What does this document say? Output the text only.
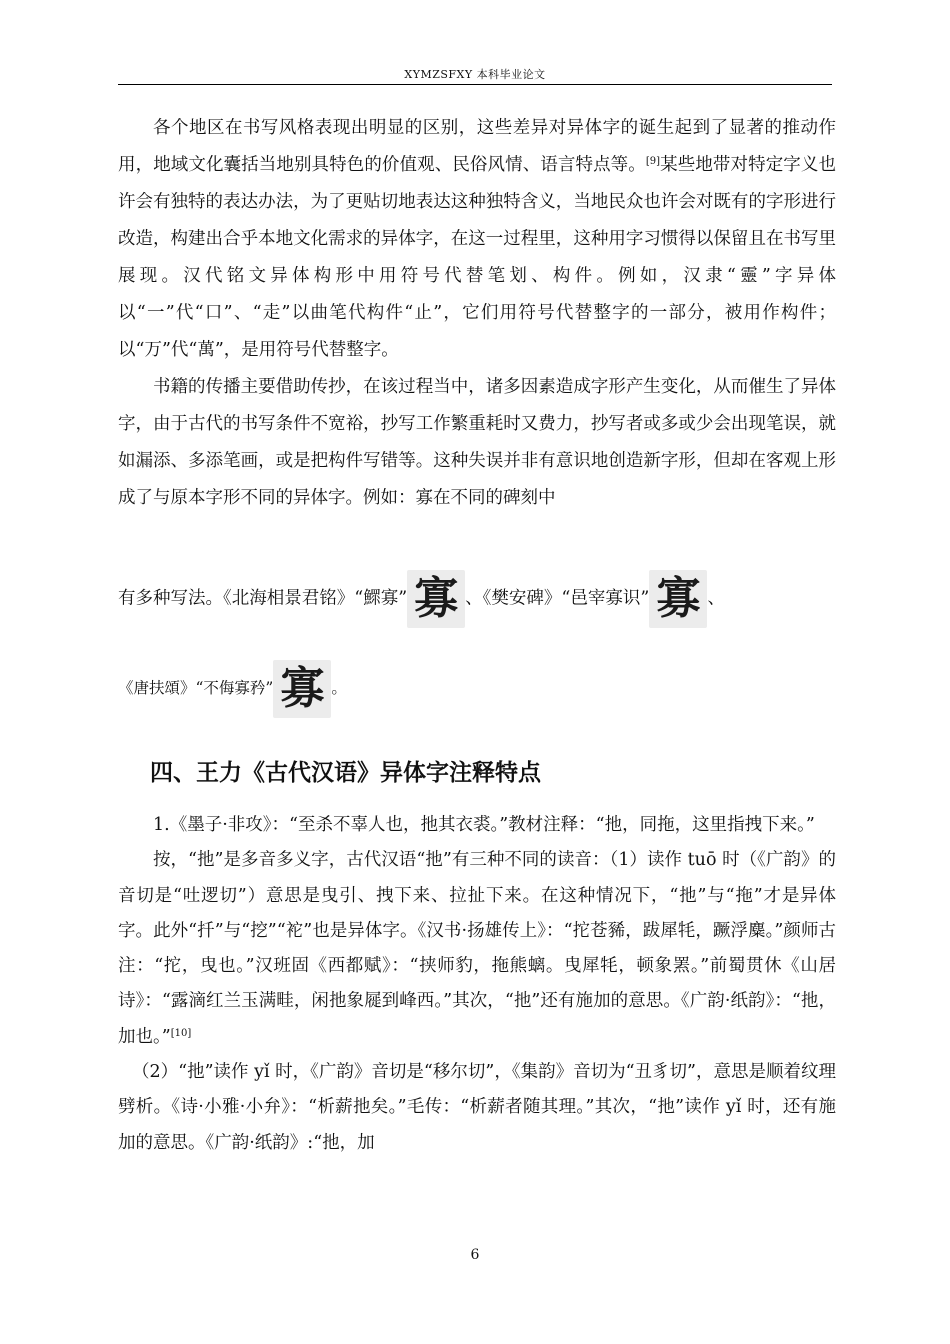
XYMZSFXY 本科毕业论文

各个地区在书写风格表现出明显的区别，这些差异对异体字的诞生起到了显著的推动作用，地域文化囊括当地别具特色的价值观、民俗风情、语言特点等。[9]某些地带对特定字义也许会有独特的表达办法，为了更贴切地表达这种独特含义，当地民众也许会对既有的字形进行改造，构建出合乎本地文化需求的异体字，在这一过程里，这种用字习惯得以保留且在书写里展现。汉代铭文异体构形中用符号代替笔划、构件。例如，汉隶“靈”字异体以“一”代“口”、“走”以曲笔代构件“止”，它们用符号代替整字的一部分，被用作构件；以“万”代“萬”，是用符号代替整字。

书籍的传播主要借助传抄，在该过程当中，诸多因素造成字形产生变化，从而催生了异体字，由于古代的书写条件不宽裕，抄写工作繁重耗时又费力，抄写者或多或少会出现笔误，就如漏添、多添笔画，或是把构件写错等。这种失误并非有意识地创造新字形，但却在客观上形成了与原本字形不同的异体字。例如：寡在不同的碑刻中

有多种写法。《北海相景君铭》“鰥寡” 寡 、《樊安碑》“邑宰寡识” 寡 、
《唐扶頌》“不侮寡矜” 寡 。
四、王力《古代汉语》异体字注释特点

1.《墨子·非攻》：“至杀不辜人也，扡其衣裘。”教材注释：“扡，同拖，这里指拽下来。”

按，“扡”是多音多义字，古代汉语“扡”有三种不同的读音：（1）读作 tuō 时（《广韵》的音切是“吐逻切”）意思是曳引、拽下来、拉扯下来。在这种情况下，“扡”与“拖”才是异体字。此外“扦”与“挖”“袉”也是异体字。《汉书·扬雄传上》：“拕苍豨，跋犀牦，蹶浮麋。”颜师古注：“拕，曳也。”汉班固《西都赋》：“挟师豹，拖熊螭。曳犀牦，顿象罴。”前蜀贯休《山居诗》：“露滴红兰玉满畦，闲扡象屣到峰西。”其次，“扡”还有施加的意思。《广韵·纸韵》：“扡，加也。”[10]

（2）“扡”读作 yǐ 时，《广韵》音切是“移尔切”，《集韵》音切为“丑豸切”，意思是顺着纹理劈析。《诗·小雅·小弁》：“析薪扡矣。”毛传：“析薪者随其理。”其次，“扡”读作 yǐ 时，还有施加的意思。《广韵·纸韵》:“扡，加

6
